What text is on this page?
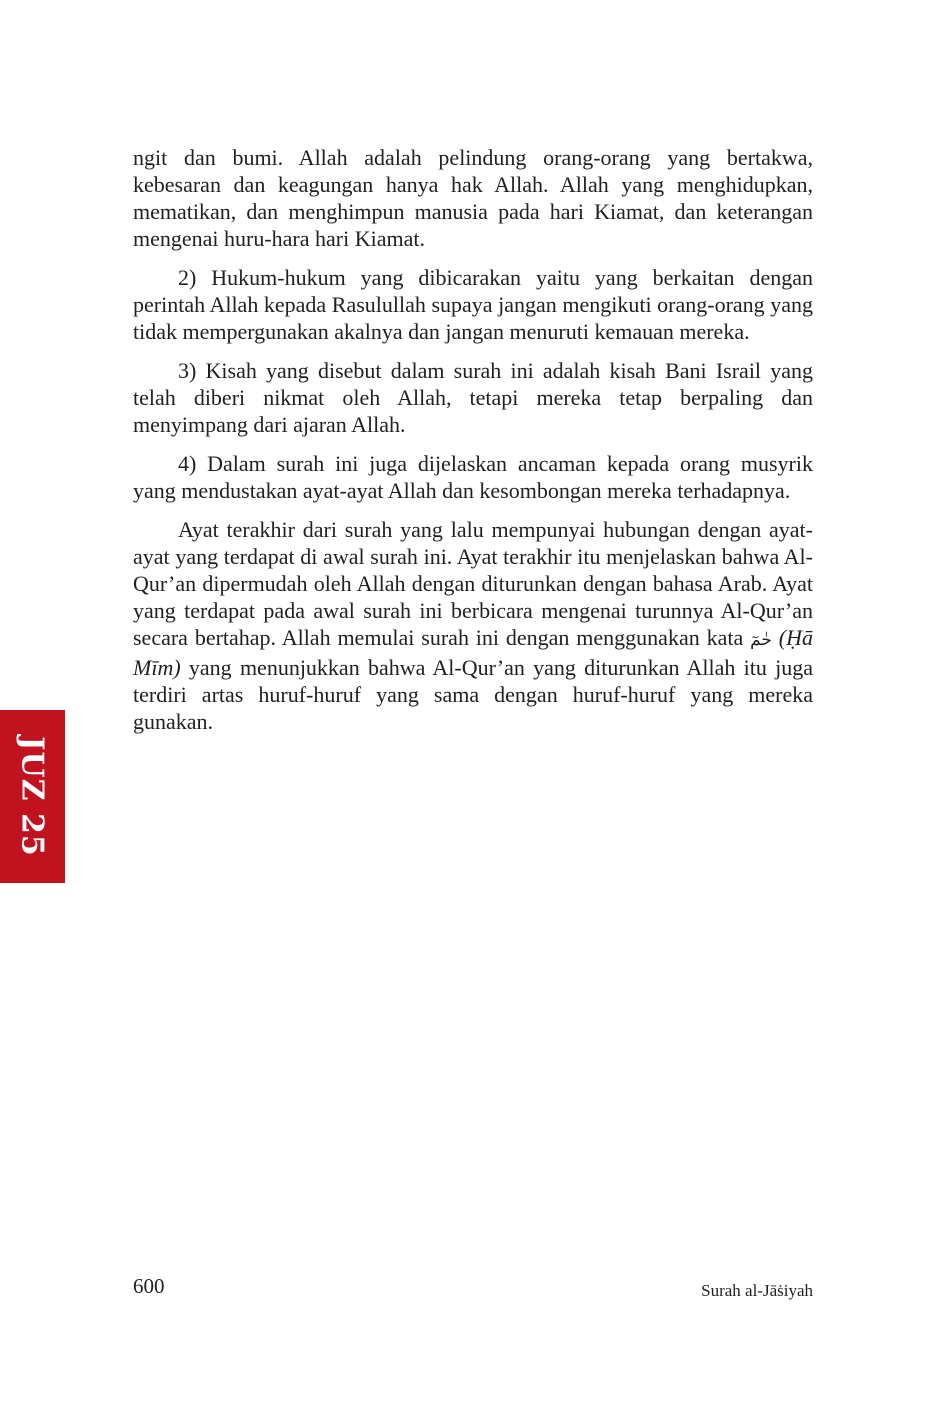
ngit dan bumi. Allah adalah pelindung orang-orang yang bertakwa, kebesaran dan keagungan hanya hak Allah. Allah yang menghidupkan, mematikan, dan menghimpun manusia pada hari Kiamat, dan keterangan mengenai huru-hara hari Kiamat.

2) Hukum-hukum yang dibicarakan yaitu yang berkaitan dengan perintah Allah kepada Rasulullah supaya jangan mengikuti orang-orang yang tidak mempergunakan akalnya dan jangan menuruti kemauan mereka.

3) Kisah yang disebut dalam surah ini adalah kisah Bani Israil yang telah diberi nikmat oleh Allah, tetapi mereka tetap berpaling dan menyimpang dari ajaran Allah.

4) Dalam surah ini juga dijelaskan ancaman kepada orang musyrik yang mendustakan ayat-ayat Allah dan kesombongan mereka terhadapnya.

Ayat terakhir dari surah yang lalu mempunyai hubungan dengan ayat-ayat yang terdapat di awal surah ini. Ayat terakhir itu menjelaskan bahwa Al-Qur’an dipermudah oleh Allah dengan diturunkan dengan bahasa Arab. Ayat yang terdapat pada awal surah ini berbicara mengenai turunnya Al-Qur’an secara bertahap. Allah memulai surah ini dengan menggunakan kata حٰمٓ (Ḥā Mīm) yang menunjukkan bahwa Al-Qur’an yang diturunkan Allah itu juga terdiri artas huruf-huruf yang sama dengan huruf-huruf yang mereka gunakan.

JUZ 25
600	Surah al-Jāṡiyah
